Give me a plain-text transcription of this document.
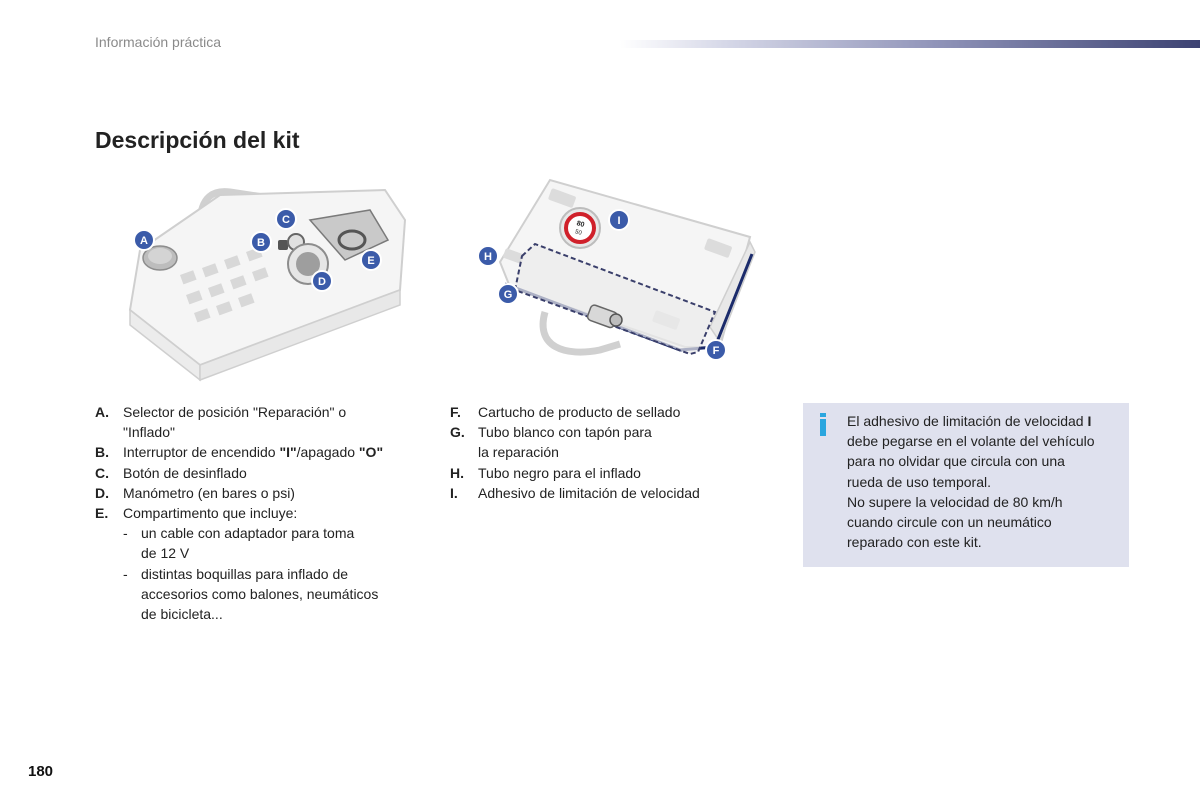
Información práctica
Descripción del kit
A	B
C
D
E
80
50
I
H
G
F
A. Selector de posición "Reparación" o
"Inflado"
B. Interruptor de encendido "I"/apagado "O"
C. Botón de desinflado
D. Manómetro (en bares o psi)
E. Compartimento que incluye:
- un cable con adaptador para toma
de 12 V
- distintas boquillas para inflado de
accesorios como balones, neumáticos
de bicicleta...
F. Cartucho de producto de sellado
G. Tubo blanco con tapón para
la reparación
H. Tubo negro para el inflado
I. Adhesivo de limitación de velocidad
El adhesivo de limitación de velocidad I
debe pegarse en el volante del vehículo
para no olvidar que circula con una
rueda de uso temporal.
No supere la velocidad de 80 km/h
cuando circule con un neumático
reparado con este kit.
180
